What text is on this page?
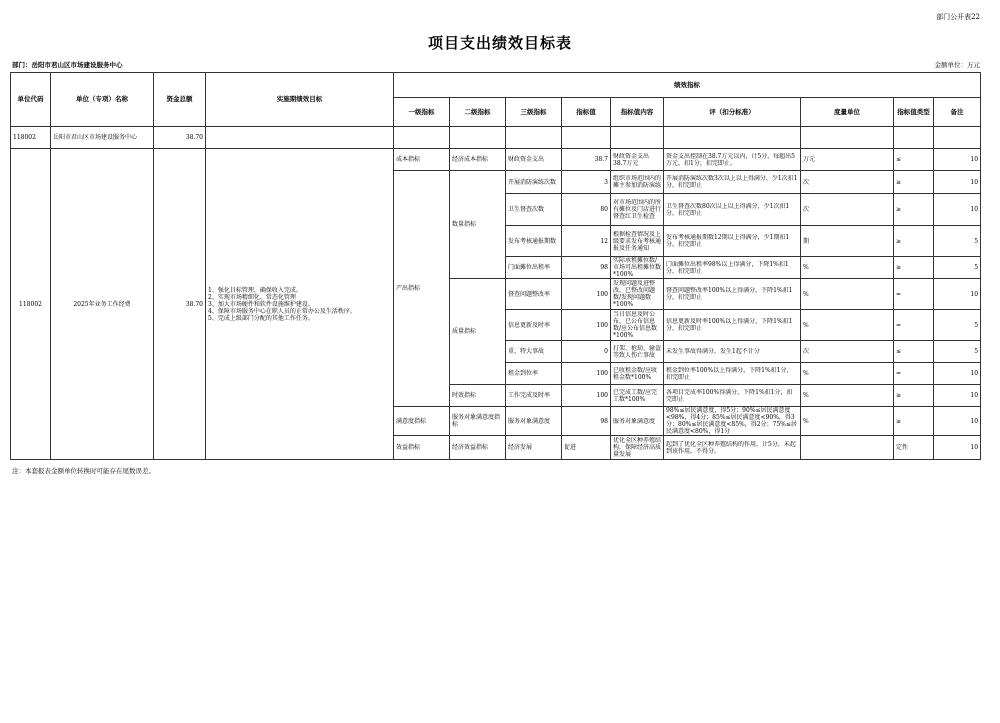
部门公开表22
项目支出绩效目标表
部门：岳阳市君山区市场建设服务中心	金额单位：万元
单位代码	单位（专项）名称	资金总额	实施期绩效目标	绩效指标								
				一级指标	二级指标	三级指标	指标值	指标值内容	评（扣分标准）	度量单位	指标值类型	备注
118002	岳阳市君山区市场建设服务中心	38.70										
118002	2025年业务工作经费	38.70	1、强化目标管理，确保收入完成。
2、实现市场精细化、常态化管理
3、加大市场硬件和软件设施维护建设。
4、保障市场服务中心在职人员的正常办公及生活秩序。
5、完成上级部门分配的其他工作任务。	成本指标	经济成本指标	财政资金支出	38.7	财政资金支出38.7万元	资金支出控制在38.7万元以内，计5分，每超出5万元，扣1分，扣完即止。	万元	≤	10
				产出指标	数量指标	开展消防演练次数	3	组织市场范围内的摊主参加消防演练	开展消防演练次数3次以上以上得满分，少1次扣1分，扣完即止	次	≥	10
						卫生督查次数	80	对市场范围内的所有摊位及门店进行督查红卫生检查	卫生督查次数80次以上以上得满分，少1次扣1分，扣完即止	次	≥	10
						发布考核通报期数	12	根据检查情况及上级要求发布考核通报及任务通知	发布考核通报期数12期以上得满分，少1期扣1分，扣完即止	期	≥	5
						门面摊位出租率	98	实际承租摊位数/市场可出租摊位数*100%	门面摊位出租率98%以上得满分，下降1%扣1分，扣完即止	%	≥	5
					质量指标	督查问题整改率	100	发现问题及进整改，已整改问题数/发现问题数*100%	督查问题整改率100%以上得满分，下降1%扣1分，扣完即止	%	=	10
						信息更新及时率	100	当日信息及时公布，已公布信息数/应公布信息数*100%	信息更新及时率100%以上得满分，下降1%扣1分，扣完即止	%	=	5
						重、特大事故	0	打架、抢劫、偷盗等致人伤亡事故	未发生事故得满分，发生1起不计分	次	≤	5
						租金到位率	100	已收租金数/应收租金数*100%	租金到位率100%以上得满分，下降1%扣1分，扣完即止	%	=	10
					时效指标	工作完成及时率	100	已完成工数/应完工数*100%	各项目完成率100%得满分，下降1%扣1分，扣完即止	%	≥	10
				满意度指标	服务对象满意度指标	服务对象满意度	98	服务对象满意度	98%≤居民满意度，得5分；90%≤居民满意度<98%，得4分；85%≤居民满意度<90%，得3分；80%≤居民满意度<85%，得2分；75%≤居民满意度<80%，得1分	%	≥	10
				效益指标	经济效益指标	经济发展	促进	优化全区种养殖结构，保障经济高质量发展	起到了优化全区种养殖结构的作用，计5分，未起到该作用，不得分。		定性	10
注：本套报表金额单位转换时可能存在尾数误差。
